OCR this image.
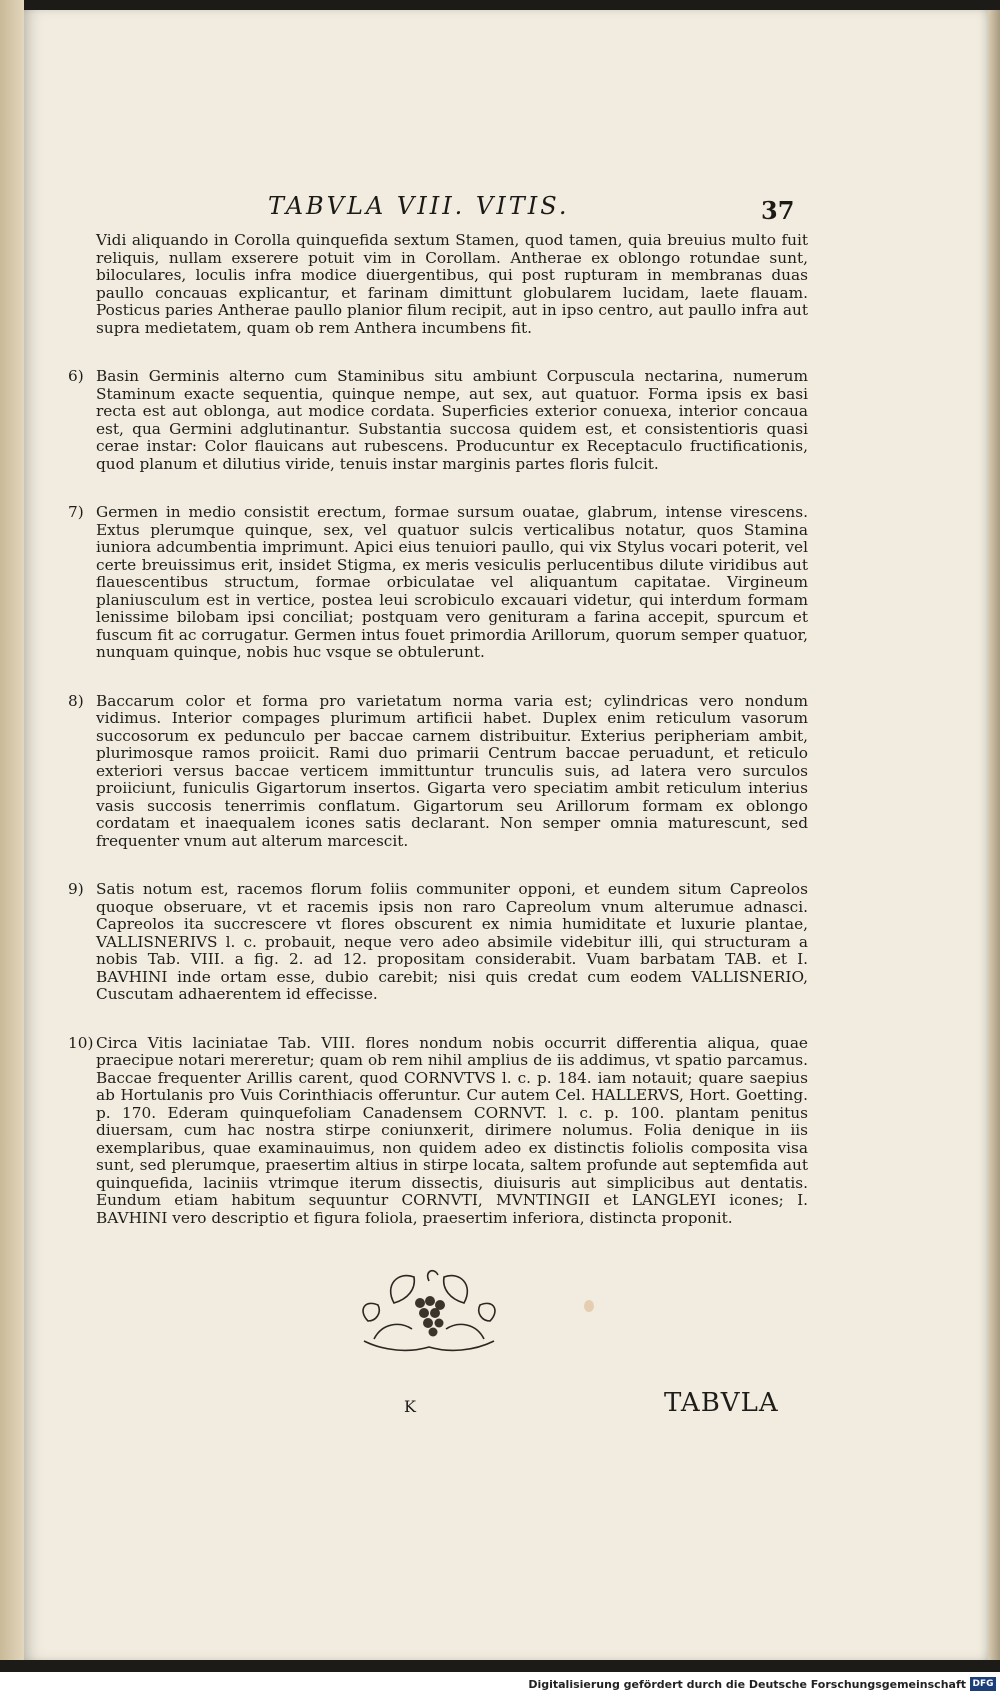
TABVLA VIII. VITIS.	37

Vidi aliquando in Corolla quinquefida sextum Stamen, quod tamen, quia breuius multo fuit reliquis, nullam exserere potuit vim in Corollam. Antherae ex oblongo rotundae sunt, biloculares, loculis infra modice diuergentibus, qui post rupturam in membranas duas paullo concauas explicantur, et farinam dimittunt globularem lucidam, laete flauam. Posticus paries Antherae paullo planior filum recipit, aut in ipso centro, aut paullo infra aut supra medietatem, quam ob rem Anthera incumbens fit.

6) Basin Germinis alterno cum Staminibus situ ambiunt Corpuscula nectarina, numerum Staminum exacte sequentia, quinque nempe, aut sex, aut quatuor. Forma ipsis ex basi recta est aut oblonga, aut modice cordata. Superficies exterior conuexa, interior concaua est, qua Germini adglutinantur. Substantia succosa quidem est, et consistentioris quasi cerae instar: Color flauicans aut rubescens. Producuntur ex Receptaculo fructificationis, quod planum et dilutius viride, tenuis instar marginis partes floris fulcit.

7) Germen in medio consistit erectum, formae sursum ouatae, glabrum, intense virescens. Extus plerumque quinque, sex, vel quatuor sulcis verticalibus notatur, quos Stamina iuniora adcumbentia imprimunt. Apici eius tenuiori paullo, qui vix Stylus vocari poterit, vel certe breuissimus erit, insidet Stigma, ex meris vesiculis perlucentibus dilute viridibus aut flauescentibus structum, formae orbiculatae vel aliquantum capitatae. Virgineum planiusculum est in vertice, postea leui scrobiculo excauari videtur, qui interdum formam lenissime bilobam ipsi conciliat; postquam vero genituram a farina accepit, spurcum et fuscum fit ac corrugatur. Germen intus fouet primordia Arillorum, quorum semper quatuor, nunquam quinque, nobis huc vsque se obtulerunt.

8) Baccarum color et forma pro varietatum norma varia est; cylindricas vero nondum vidimus. Interior compages plurimum artificii habet. Duplex enim reticulum vasorum succosorum ex pedunculo per baccae carnem distribuitur. Exterius peripheriam ambit, plurimosque ramos proiicit. Rami duo primarii Centrum baccae peruadunt, et reticulo exteriori versus baccae verticem immittuntur trunculis suis, ad latera vero surculos proiiciunt, funiculis Gigartorum insertos. Gigarta vero speciatim ambit reticulum interius vasis succosis tenerrimis conflatum. Gigartorum seu Arillorum formam ex oblongo cordatam et inaequalem icones satis declarant. Non semper omnia maturescunt, sed frequenter vnum aut alterum marcescit.

9) Satis notum est, racemos florum foliis communiter opponi, et eundem situm Capreolos quoque obseruare, vt et racemis ipsis non raro Capreolum vnum alterumue adnasci. Capreolos ita succrescere vt flores obscurent ex nimia humiditate et luxurie plantae, VALLISNERIVS l. c. probauit, neque vero adeo absimile videbitur illi, qui structuram a nobis Tab. VIII. a fig. 2. ad 12. propositam considerabit. Vuam barbatam TAB. et I. BAVHINI inde ortam esse, dubio carebit; nisi quis credat cum eodem VALLISNERIO, Cuscutam adhaerentem id effecisse.

10) Circa Vitis laciniatae Tab. VIII. flores nondum nobis occurrit differentia aliqua, quae praecipue notari mereretur; quam ob rem nihil amplius de iis addimus, vt spatio parcamus. Baccae frequenter Arillis carent, quod CORNVTVS l. c. p. 184. iam notauit; quare saepius ab Hortulanis pro Vuis Corinthiacis offeruntur. Cur autem Cel. HALLERVS, Hort. Goetting. p. 170. Ederam quinquefoliam Canadensem CORNVT. l. c. p. 100. plantam penitus diuersam, cum hac nostra stirpe coniunxerit, dirimere nolumus. Folia denique in iis exemplaribus, quae examinauimus, non quidem adeo ex distinctis foliolis composita visa sunt, sed plerumque, praesertim altius in stirpe locata, saltem profunde aut septemfida aut quinquefida, laciniis vtrimque iterum dissectis, diuisuris aut simplicibus aut dentatis. Eundum etiam habitum sequuntur CORNVTI, MVNTINGII et LANGLEYI icones; I. BAVHINI vero descriptio et figura foliola, praesertim inferiora, distincta proponit.

K	TABVLA
Digitalisierung gefördert durch die Deutsche Forschungsgemeinschaft DFG
